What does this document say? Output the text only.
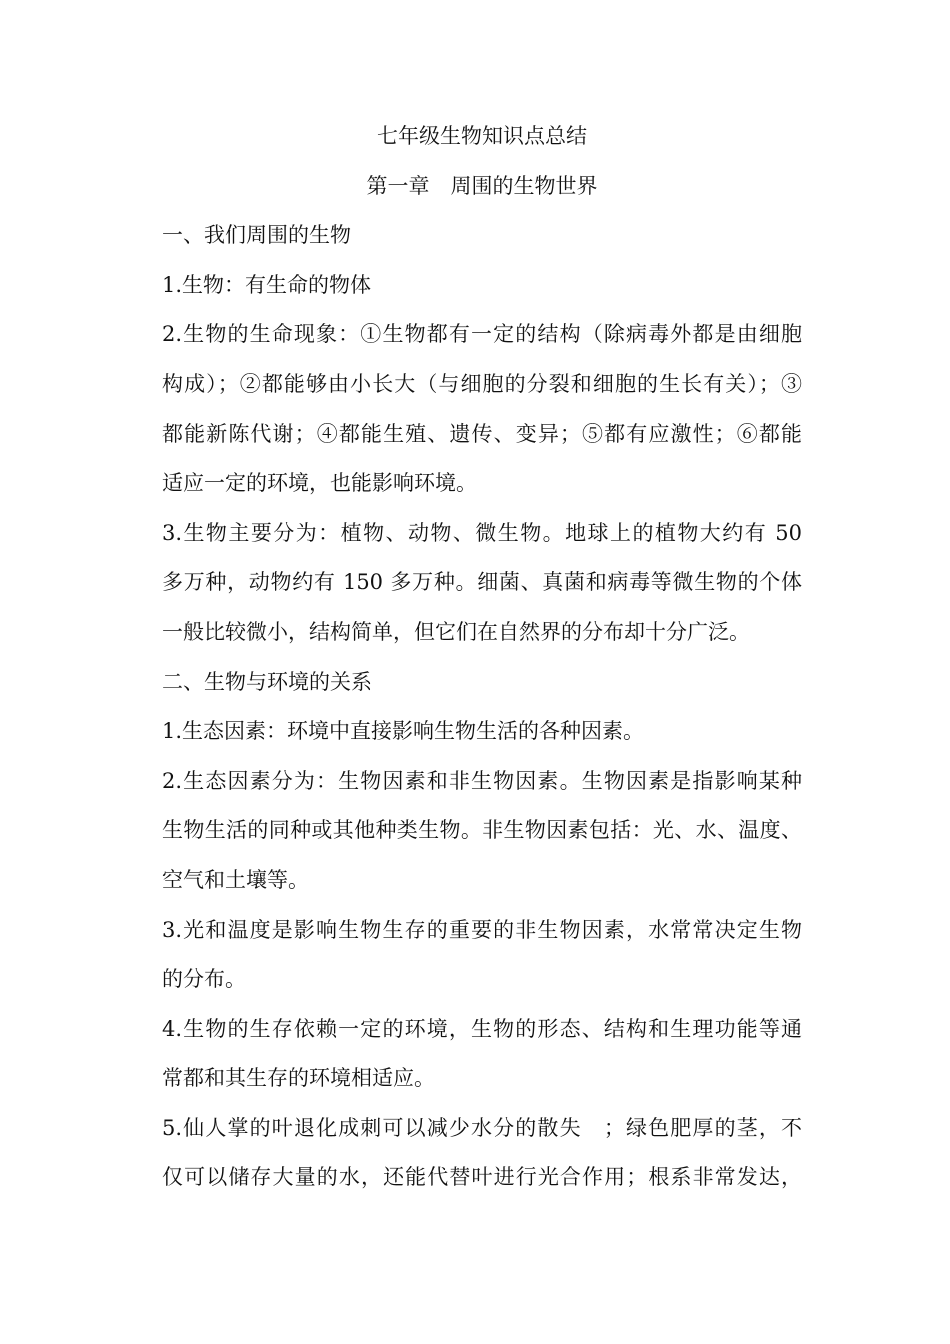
七年级生物知识点总结
第一章　周围的生物世界
一、我们周围的生物
1.生物：有生命的物体
2.生物的生命现象：①生物都有一定的结构（除病毒外都是由细胞
构成）；②都能够由小长大（与细胞的分裂和细胞的生长有关）；③
都能新陈代谢；④都能生殖、遗传、变异；⑤都有应激性；⑥都能
适应一定的环境，也能影响环境。
3.生物主要分为：植物、动物、微生物。地球上的植物大约有 50
多万种，动物约有 150 多万种。细菌、真菌和病毒等微生物的个体
一般比较微小，结构简单，但它们在自然界的分布却十分广泛。
二、生物与环境的关系
1.生态因素：环境中直接影响生物生活的各种因素。
2.生态因素分为：生物因素和非生物因素。生物因素是指影响某种
生物生活的同种或其他种类生物。非生物因素包括：光、水、温度、
空气和土壤等。
3.光和温度是影响生物生存的重要的非生物因素，水常常决定生物
的分布。
4.生物的生存依赖一定的环境，生物的形态、结构和生理功能等通
常都和其生存的环境相适应。
5.仙人掌的叶退化成刺可以减少水分的散失　；绿色肥厚的茎，不
仅可以储存大量的水，还能代替叶进行光合作用；根系非常发达，
